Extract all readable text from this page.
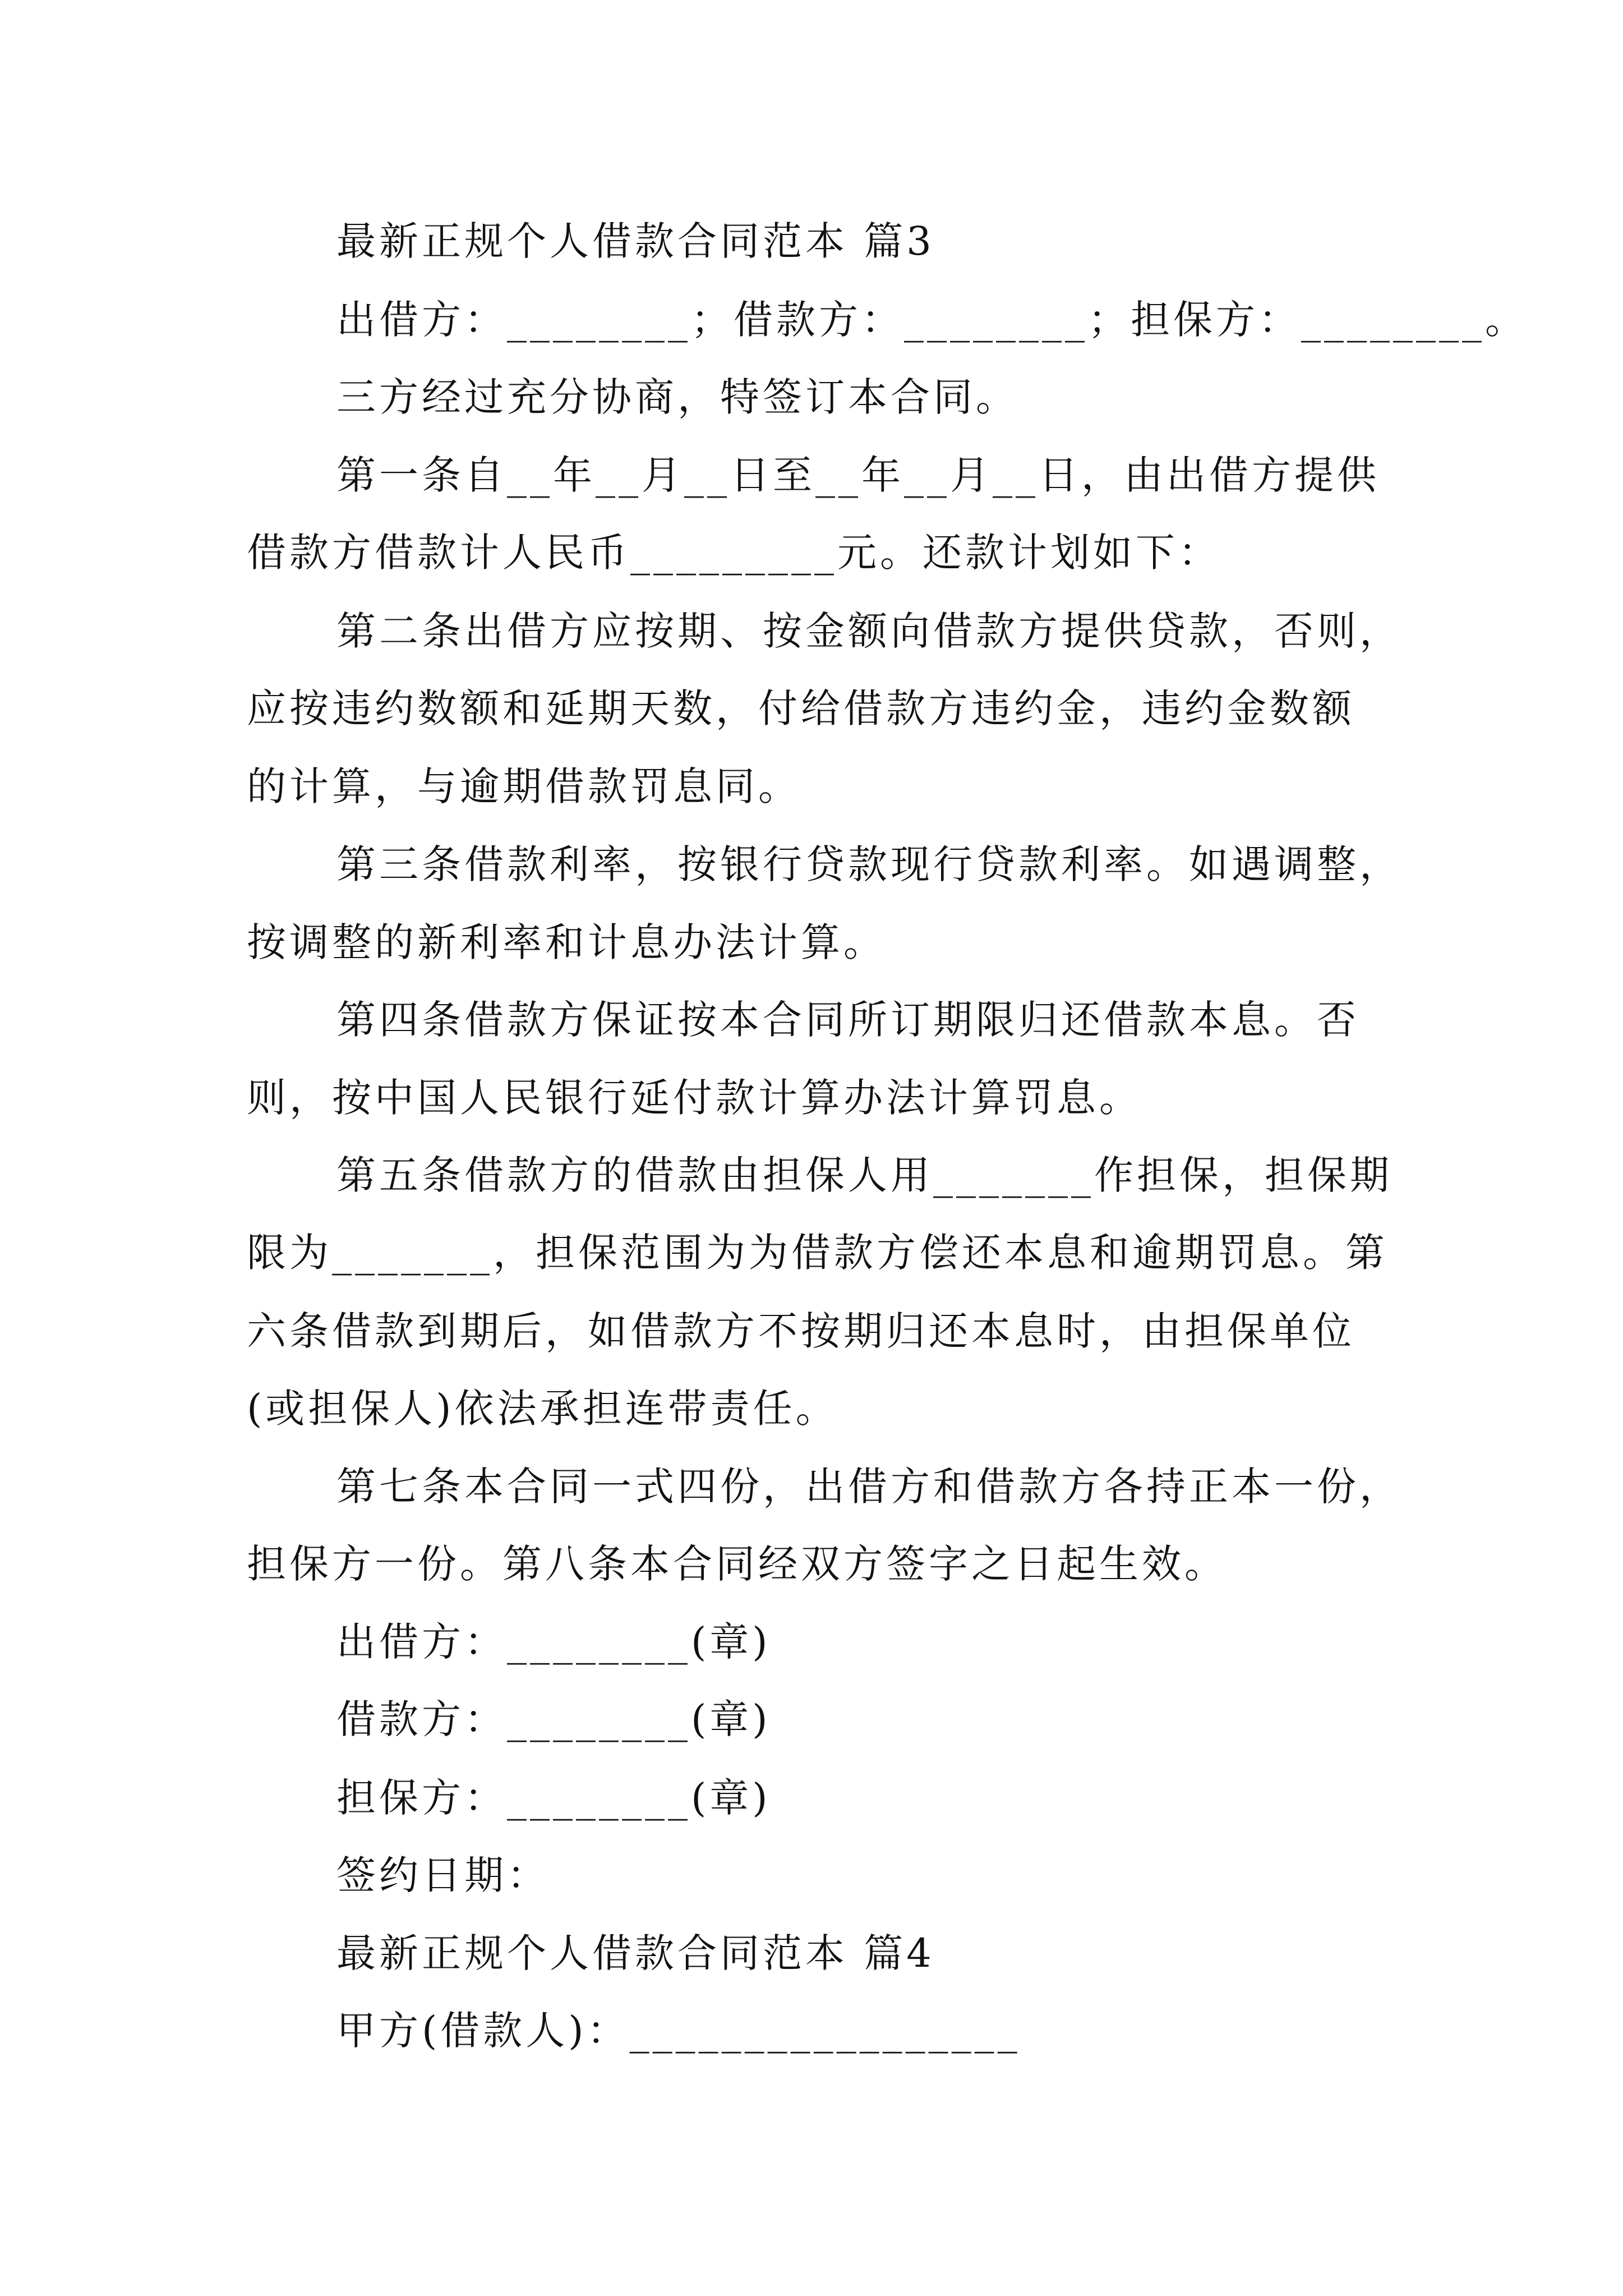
最新正规个人借款合同范本 篇3
出借方：________；借款方：________；担保方：________。
三方经过充分协商，特签订本合同。
第一条自__年__月__日至__年__月__日，由出借方提供
借款方借款计人民币_________元。还款计划如下：
第二条出借方应按期、按金额向借款方提供贷款，否则，
应按违约数额和延期天数，付给借款方违约金，违约金数额
的计算，与逾期借款罚息同。
第三条借款利率，按银行贷款现行贷款利率。如遇调整，
按调整的新利率和计息办法计算。
第四条借款方保证按本合同所订期限归还借款本息。否
则，按中国人民银行延付款计算办法计算罚息。
第五条借款方的借款由担保人用_______作担保，担保期
限为_______，担保范围为为借款方偿还本息和逾期罚息。第
六条借款到期后，如借款方不按期归还本息时，由担保单位
(或担保人)依法承担连带责任。
第七条本合同一式四份，出借方和借款方各持正本一份，
担保方一份。第八条本合同经双方签字之日起生效。
出借方：________(章)
借款方：________(章)
担保方：________(章)
签约日期：
最新正规个人借款合同范本 篇4
甲方(借款人)：_________________
